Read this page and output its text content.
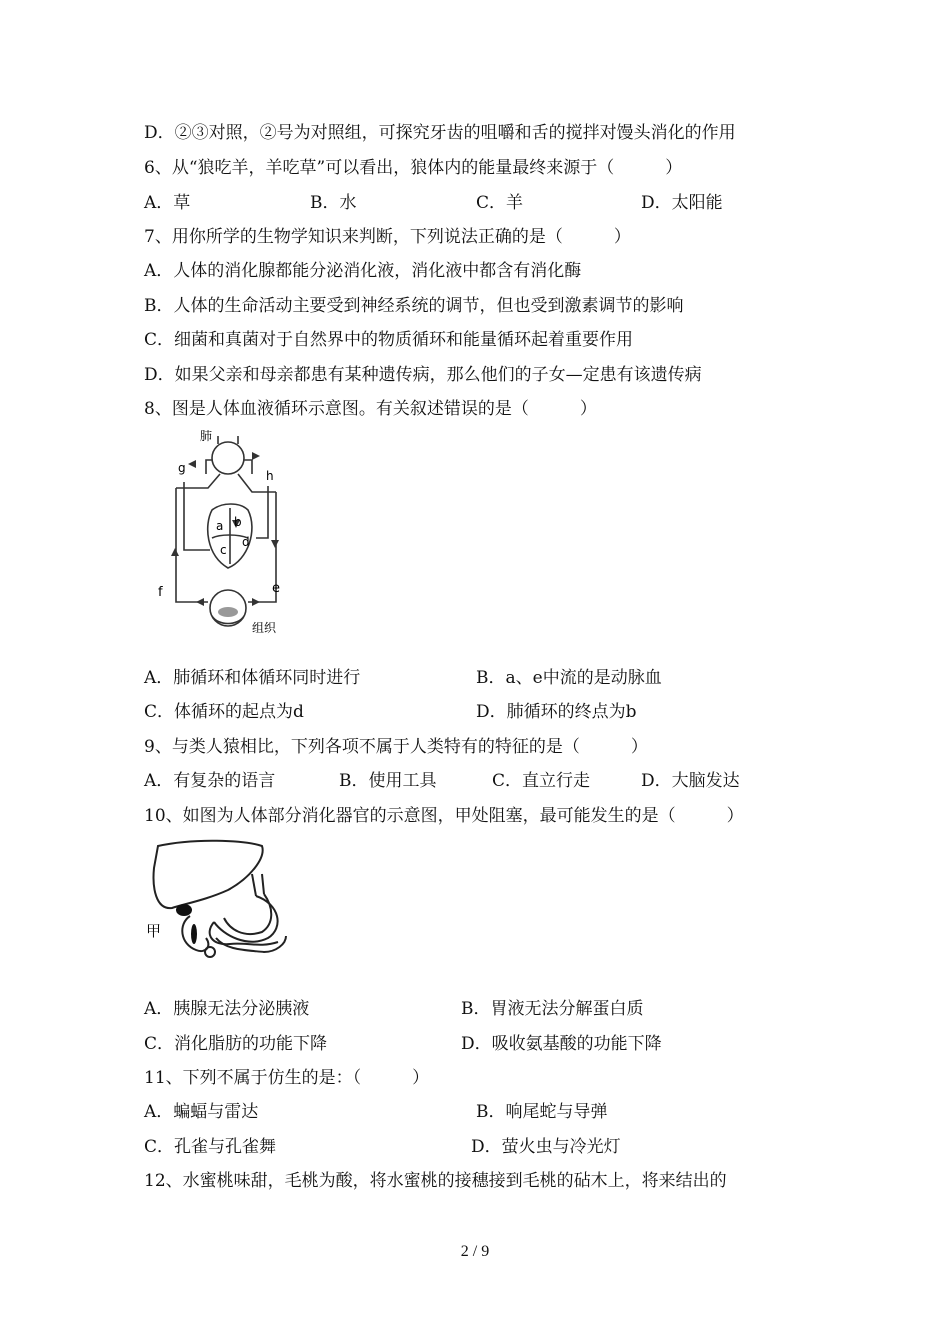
D．②③对照，②号为对照组，可探究牙齿的咀嚼和舌的搅拌对馒头消化的作用
6、从“狼吃羊，羊吃草”可以看出，狼体内的能量最终来源于（　　　）
A．草	B．水	C．羊	D．太阳能
7、用你所学的生物学知识来判断，下列说法正确的是（　　　）
A．人体的消化腺都能分泌消化液，消化液中都含有消化酶
B．人体的生命活动主要受到神经系统的调节，但也受到激素调节的影响
C．细菌和真菌对于自然界中的物质循环和能量循环起着重要作用
D．如果父亲和母亲都患有某种遗传病，那么他们的子女—定患有该遗传病
8、图是人体血液循环示意图。有关叙述错误的是（　　　）
肺
g
h
a b
c
d
e
f
组织
A．肺循环和体循环同时进行	B．a、e中流的是动脉血
C．体循环的起点为d	D．肺循环的终点为b
9、与类人猿相比，下列各项不属于人类特有的特征的是（　　　）
A．有复杂的语言	B．使用工具	C．直立行走	D．大脑发达
10、如图为人体部分消化器官的示意图，甲处阻塞，最可能发生的是（　　　）
甲
A．胰腺无法分泌胰液	B．胃液无法分解蛋白质
C．消化脂肪的功能下降	D．吸收氨基酸的功能下降
11、下列不属于仿生的是：（　　　）
A．蝙蝠与雷达	B．响尾蛇与导弹
C．孔雀与孔雀舞	D．萤火虫与冷光灯
12、水蜜桃味甜，毛桃为酸，将水蜜桃的接穗接到毛桃的砧木上，将来结出的
2 / 9
